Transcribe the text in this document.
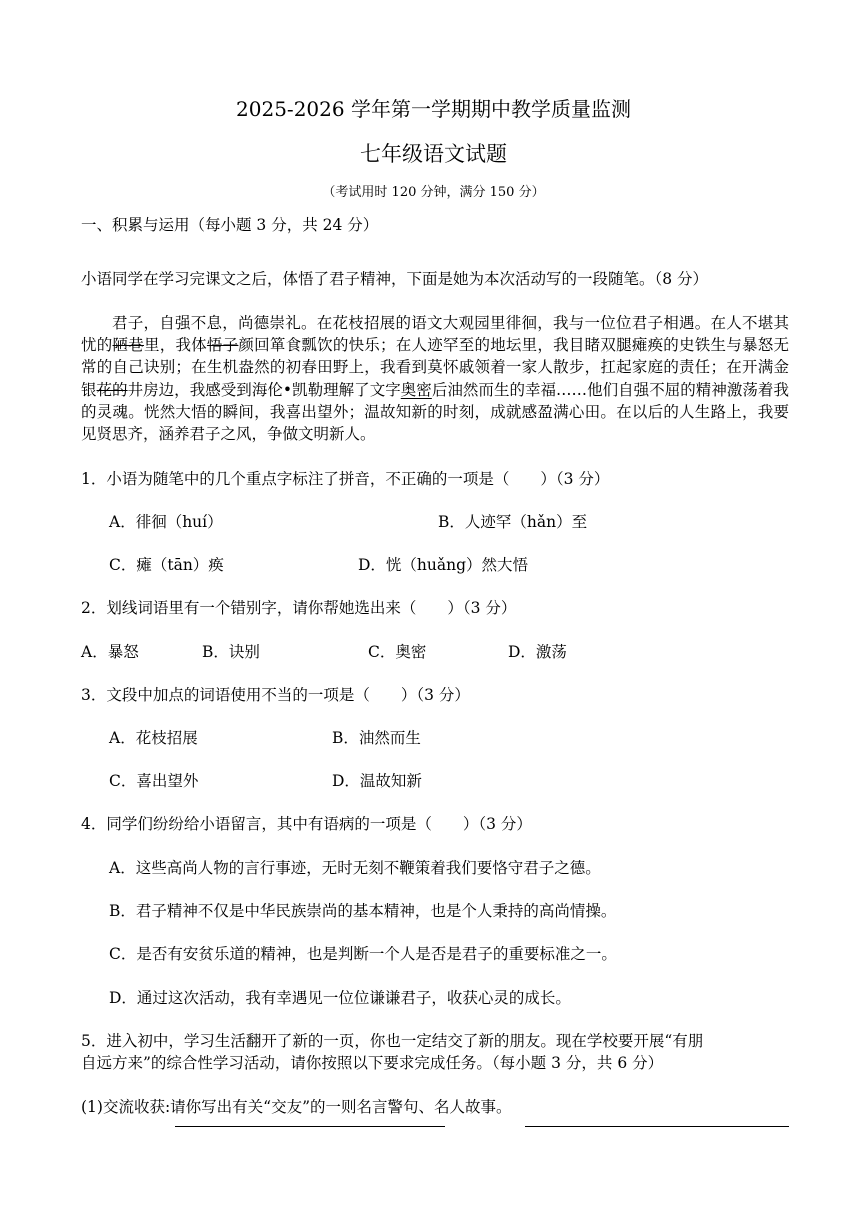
2025-2026 学年第一学期期中教学质量监测
七年级语文试题
（考试用时 120 分钟，满分 150 分）
一、积累与运用（每小题 3 分，共 24 分）
小语同学在学习完课文之后，体悟了君子精神，下面是她为本次活动写的一段随笔。（8 分）
君子，自强不息，尚德崇礼。在花枝招展的语文大观园里徘徊，我与一位位君子相遇。在人不堪其忧的陋巷里，我体悟子颜回箪食瓢饮的快乐；在人迹罕至的地坛里，我目睹双腿瘫痪的史铁生与暴怒无常的自己诀别；在生机盎然的初春田野上，我看到莫怀戚领着一家人散步，扛起家庭的责任；在开满金银花的井房边，我感受到海伦•凯勒理解了文字奥密后油然而生的幸福……他们自强不屈的精神激荡着我的灵魂。恍然大悟的瞬间，我喜出望外；温故知新的时刻，成就感盈满心田。在以后的人生路上，我要见贤思齐，涵养君子之风，争做文明新人。
1．小语为随笔中的几个重点字标注了拼音，不正确的一项是（　　）（3 分）
A．徘徊（huí）	B．人迹罕（hǎn）至
C．瘫（tān）痪	D．恍（huǎng）然大悟
2．划线词语里有一个错别字，请你帮她选出来（　　）（3 分）
A．暴怒	B．诀别	C．奥密	D．激荡
3．文段中加点的词语使用不当的一项是（　　）（3 分）
A．花枝招展	B．油然而生
C．喜出望外	D．温故知新
4．同学们纷纷给小语留言，其中有语病的一项是（　　）（3 分）
A．这些高尚人物的言行事迹，无时无刻不鞭策着我们要恪守君子之德。
B．君子精神不仅是中华民族崇尚的基本精神，也是个人秉持的高尚情操。
C．是否有安贫乐道的精神，也是判断一个人是否是君子的重要标准之一。
D．通过这次活动，我有幸遇见一位位谦谦君子，收获心灵的成长。
5．进入初中，学习生活翻开了新的一页，你也一定结交了新的朋友。现在学校要开展“有朋
自远方来”的综合性学习活动，请你按照以下要求完成任务。（每小题 3 分，共 6 分）
(1)交流收获:请你写出有关“交友”的一则名言警句、名人故事。
